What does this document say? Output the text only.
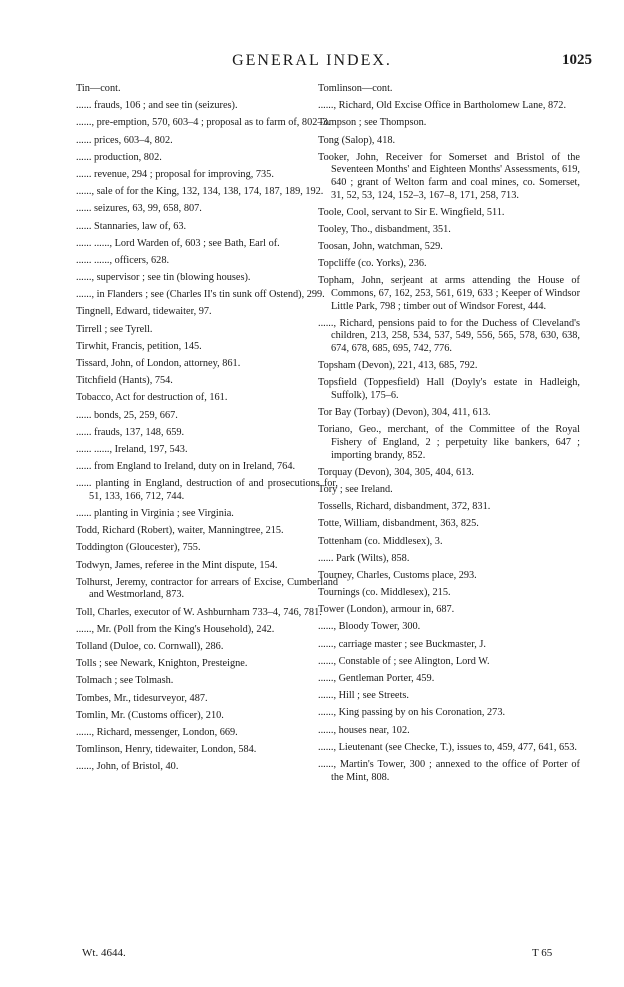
GENERAL INDEX.	1025

Tin—cont.

...... frauds, 106 ; and see tin (seizures).

......, pre-emption, 570, 603–4 ; proposal as to farm of, 802–3.

...... prices, 603–4, 802.

...... production, 802.

...... revenue, 294 ; proposal for improving, 735.

......, sale of for the King, 132, 134, 138, 174, 187, 189, 192.

...... seizures, 63, 99, 658, 807.

...... Stannaries, law of, 63.

...... ......, Lord Warden of, 603 ; see Bath, Earl of.

...... ......, officers, 628.

......, supervisor ; see tin (blowing houses).

......, in Flanders ; see (Charles II's tin sunk off Ostend), 299.

Tingnell, Edward, tidewaiter, 97.

Tirrell ; see Tyrell.

Tirwhit, Francis, petition, 145.

Tissard, John, of London, attorney, 861.

Titchfield (Hants), 754.

Tobacco, Act for destruction of, 161.

...... bonds, 25, 259, 667.

...... frauds, 137, 148, 659.

...... ......, Ireland, 197, 543.

...... from England to Ireland, duty on in Ireland, 764.

...... planting in England, destruction of and prosecutions for, 51, 133, 166, 712, 744.

...... planting in Virginia ; see Virginia.

Todd, Richard (Robert), waiter, Manningtree, 215.

Toddington (Gloucester), 755.

Todwyn, James, referee in the Mint dispute, 154.

Tolhurst, Jeremy, contractor for arrears of Excise, Cumberland and Westmorland, 873.

Toll, Charles, executor of W. Ashburnham 733–4, 746, 781.

......, Mr. (Poll from the King's Household), 242.

Tolland (Duloe, co. Cornwall), 286.

Tolls ; see Newark, Knighton, Presteigne.

Tolmach ; see Tolmash.

Tombes, Mr., tidesurveyor, 487.

Tomlin, Mr. (Customs officer), 210.

......, Richard, messenger, London, 669.

Tomlinson, Henry, tidewaiter, London, 584.

......, John, of Bristol, 40.

Tomlinson—cont.

......, Richard, Old Excise Office in Bartholomew Lane, 872.

Tompson ; see Thompson.

Tong (Salop), 418.

Tooker, John, Receiver for Somerset and Bristol of the Seventeen Months' and Eighteen Months' Assessments, 619, 640 ; grant of Welton farm and coal mines, co. Somerset, 31, 52, 53, 124, 152–3, 167–8, 171, 258, 713.

Toole, Cool, servant to Sir E. Wingfield, 511.

Tooley, Tho., disbandment, 351.

Toosan, John, watchman, 529.

Topcliffe (co. Yorks), 236.

Topham, John, serjeant at arms attending the House of Commons, 67, 162, 253, 561, 619, 633 ; Keeper of Windsor Little Park, 798 ; timber out of Windsor Forest, 444.

......, Richard, pensions paid to for the Duchess of Cleveland's children, 213, 258, 534, 537, 549, 556, 565, 578, 630, 638, 674, 678, 685, 695, 742, 776.

Topsham (Devon), 221, 413, 685, 792.

Topsfield (Toppesfield) Hall (Doyly's estate in Hadleigh, Suffolk), 175–6.

Tor Bay (Torbay) (Devon), 304, 411, 613.

Toriano, Geo., merchant, of the Committee of the Royal Fishery of England, 2 ; perpetuity like bankers, 647 ; importing brandy, 852.

Torquay (Devon), 304, 305, 404, 613.

Tory ; see Ireland.

Tossells, Richard, disbandment, 372, 831.

Totte, William, disbandment, 363, 825.

Tottenham (co. Middlesex), 3.

...... Park (Wilts), 858.

Tourney, Charles, Customs place, 293.

Tournings (co. Middlesex), 215.

Tower (London), armour in, 687.

......, Bloody Tower, 300.

......, carriage master ; see Buckmaster, J.

......, Constable of ; see Alington, Lord W.

......, Gentleman Porter, 459.

......, Hill ; see Streets.

......, King passing by on his Coronation, 273.

......, houses near, 102.

......, Lieutenant (see Checke, T.), issues to, 459, 477, 641, 653.

......, Martin's Tower, 300 ; annexed to the office of Porter of the Mint, 808.

Wt. 4644.	T 65
